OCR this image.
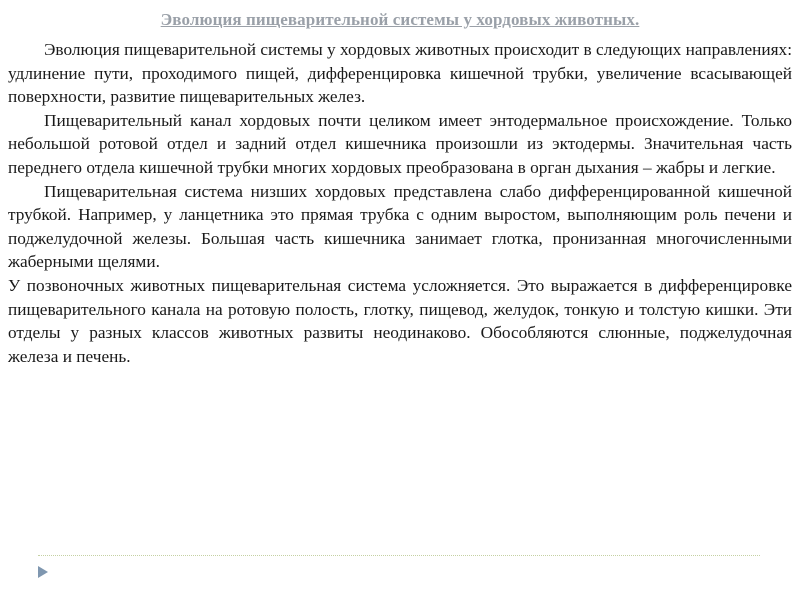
Эволюция пищеварительной системы у хордовых животных.

Эволюция пищеварительной системы у хордовых животных происходит в следующих направлениях: удлинение пути, проходимого пищей, дифференцировка кишечной трубки, увеличение всасывающей поверхности, развитие пищеварительных желез.

Пищеварительный канал хордовых почти целиком имеет энтодермальное происхождение. Только небольшой ротовой отдел и задний отдел кишечника произошли из эктодермы. Значительная часть переднего отдела кишечной трубки многих хордовых преобразована в орган дыхания – жабры и легкие.

Пищеварительная система низших хордовых представлена слабо дифференцированной кишечной трубкой. Например, у ланцетника это прямая трубка с одним выростом, выполняющим роль печени и поджелудочной железы. Большая часть кишечника занимает глотка, пронизанная многочисленными жаберными щелями.

У позвоночных животных пищеварительная система усложняется. Это выражается в дифференцировке пищеварительного канала на ротовую полость, глотку, пищевод, желудок, тонкую и толстую кишки. Эти отделы у разных классов животных развиты неодинаково. Обособляются слюнные, поджелудочная железа и печень.
